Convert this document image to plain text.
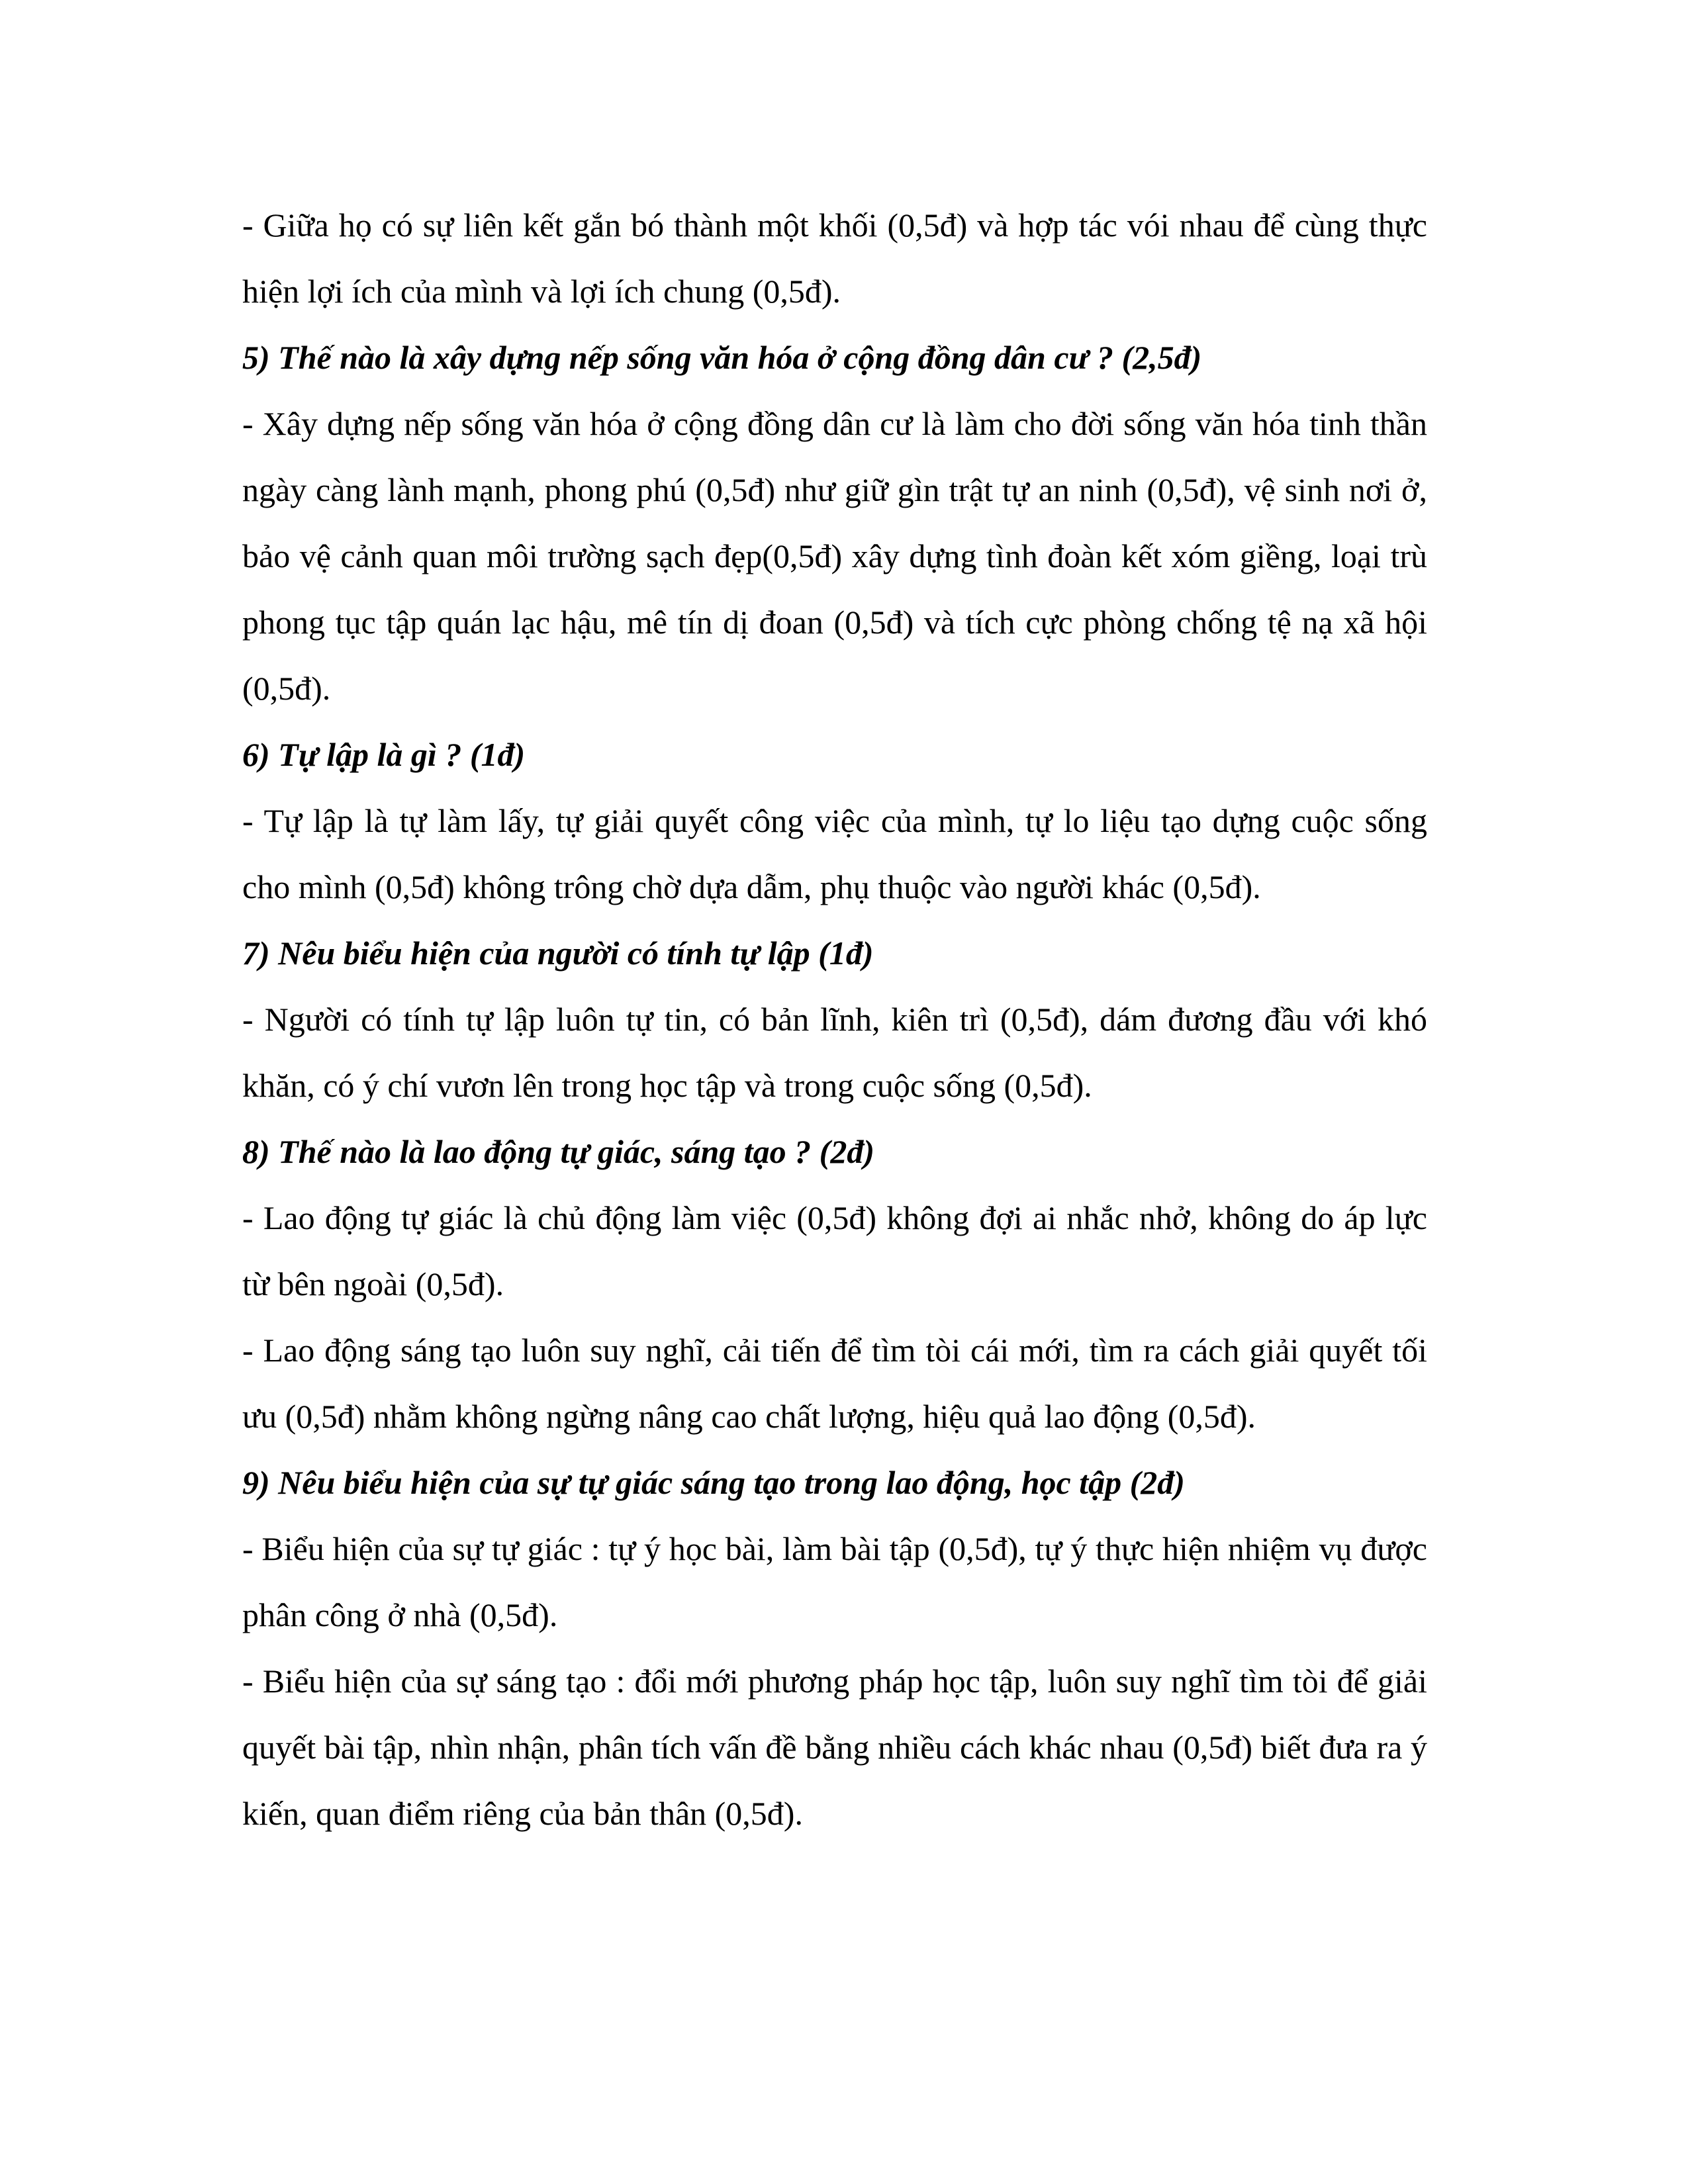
- Giữa họ có sự liên kết gắn bó thành một khối (0,5đ) và hợp tác vói nhau để cùng thực hiện lợi ích của mình và lợi ích chung (0,5đ).

5) Thế nào là xây dựng nếp sống văn hóa ở cộng đồng dân cư ? (2,5đ)

- Xây dựng nếp sống văn hóa ở cộng đồng dân cư là làm cho đời sống văn hóa tinh thần ngày càng lành mạnh, phong phú (0,5đ) như giữ gìn trật tự an ninh (0,5đ), vệ sinh nơi ở, bảo vệ cảnh quan môi trường sạch đẹp(0,5đ) xây dựng tình đoàn kết xóm giềng, loại trù phong tục tập quán lạc hậu, mê tín dị đoan (0,5đ) và tích cực phòng chống tệ nạ xã hội (0,5đ).

6) Tự lập là gì ? (1đ)

- Tự lập là tự làm lấy, tự giải quyết công việc của mình, tự lo liệu tạo dựng cuộc sống cho mình (0,5đ) không trông chờ dựa dẫm, phụ thuộc vào người khác (0,5đ).

7) Nêu biểu hiện của người có tính tự lập (1đ)

- Người có tính tự lập luôn tự tin, có bản lĩnh, kiên trì (0,5đ), dám đương đầu với khó khăn, có ý chí vươn lên trong học tập và trong cuộc sống (0,5đ).

8) Thế nào là lao động tự giác, sáng tạo ? (2đ)

- Lao động tự giác là chủ động làm việc (0,5đ) không đợi ai nhắc nhở, không do áp lực từ bên ngoài (0,5đ).

- Lao động sáng tạo luôn suy nghĩ, cải tiến để tìm tòi cái mới, tìm ra cách giải quyết tối ưu (0,5đ) nhằm không ngừng nâng cao chất lượng, hiệu quả lao động (0,5đ).

9) Nêu biểu hiện của sự tự giác sáng tạo trong lao động, học tập (2đ)

- Biểu hiện của sự tự giác : tự ý học bài, làm bài tập (0,5đ), tự ý thực hiện nhiệm vụ được phân công ở nhà (0,5đ).

- Biểu hiện của sự sáng tạo : đổi mới phương pháp học tập, luôn suy nghĩ tìm tòi để giải quyết bài tập, nhìn nhận, phân tích vấn đề bằng nhiều cách khác nhau (0,5đ) biết đưa ra ý kiến, quan điểm riêng của bản thân (0,5đ).
